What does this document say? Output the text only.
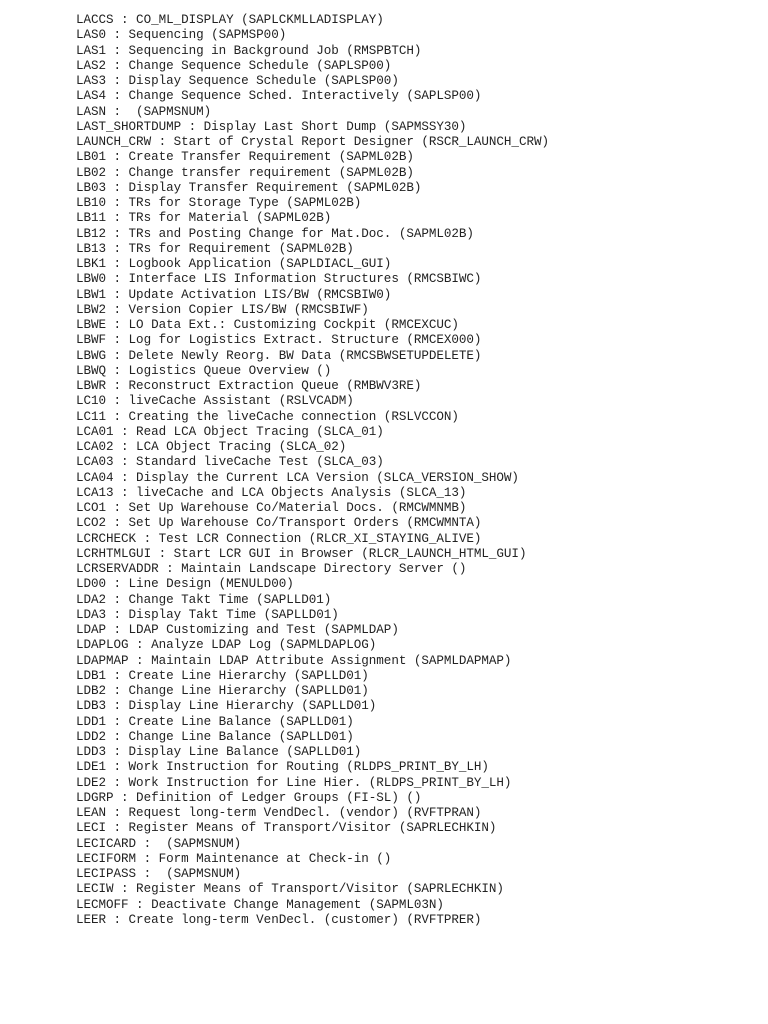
LACCS : CO_ML_DISPLAY (SAPLCKMLLADISPLAY)
LAS0 : Sequencing (SAPMSP00)
LAS1 : Sequencing in Background Job (RMSPBTCH)
LAS2 : Change Sequence Schedule (SAPLSP00)
LAS3 : Display Sequence Schedule (SAPLSP00)
LAS4 : Change Sequence Sched. Interactively (SAPLSP00)
LASN :  (SAPMSNUM)
LAST_SHORTDUMP : Display Last Short Dump (SAPMSSY30)
LAUNCH_CRW : Start of Crystal Report Designer (RSCR_LAUNCH_CRW)
LB01 : Create Transfer Requirement (SAPML02B)
LB02 : Change transfer requirement (SAPML02B)
LB03 : Display Transfer Requirement (SAPML02B)
LB10 : TRs for Storage Type (SAPML02B)
LB11 : TRs for Material (SAPML02B)
LB12 : TRs and Posting Change for Mat.Doc. (SAPML02B)
LB13 : TRs for Requirement (SAPML02B)
LBK1 : Logbook Application (SAPLDIACL_GUI)
LBW0 : Interface LIS Information Structures (RMCSBIWC)
LBW1 : Update Activation LIS/BW (RMCSBIW0)
LBW2 : Version Copier LIS/BW (RMCSBIWF)
LBWE : LO Data Ext.: Customizing Cockpit (RMCEXCUC)
LBWF : Log for Logistics Extract. Structure (RMCEX000)
LBWG : Delete Newly Reorg. BW Data (RMCSBWSETUPDELETE)
LBWQ : Logistics Queue Overview ()
LBWR : Reconstruct Extraction Queue (RMBWV3RE)
LC10 : liveCache Assistant (RSLVCADM)
LC11 : Creating the liveCache connection (RSLVCCON)
LCA01 : Read LCA Object Tracing (SLCA_01)
LCA02 : LCA Object Tracing (SLCA_02)
LCA03 : Standard liveCache Test (SLCA_03)
LCA04 : Display the Current LCA Version (SLCA_VERSION_SHOW)
LCA13 : liveCache and LCA Objects Analysis (SLCA_13)
LCO1 : Set Up Warehouse Co/Material Docs. (RMCWMNMB)
LCO2 : Set Up Warehouse Co/Transport Orders (RMCWMNTA)
LCRCHECK : Test LCR Connection (RLCR_XI_STAYING_ALIVE)
LCRHTMLGUI : Start LCR GUI in Browser (RLCR_LAUNCH_HTML_GUI)
LCRSERVADDR : Maintain Landscape Directory Server ()
LD00 : Line Design (MENULD00)
LDA2 : Change Takt Time (SAPLLD01)
LDA3 : Display Takt Time (SAPLLD01)
LDAP : LDAP Customizing and Test (SAPMLDAP)
LDAPLOG : Analyze LDAP Log (SAPMLDAPLOG)
LDAPMAP : Maintain LDAP Attribute Assignment (SAPMLDAPMAP)
LDB1 : Create Line Hierarchy (SAPLLD01)
LDB2 : Change Line Hierarchy (SAPLLD01)
LDB3 : Display Line Hierarchy (SAPLLD01)
LDD1 : Create Line Balance (SAPLLD01)
LDD2 : Change Line Balance (SAPLLD01)
LDD3 : Display Line Balance (SAPLLD01)
LDE1 : Work Instruction for Routing (RLDPS_PRINT_BY_LH)
LDE2 : Work Instruction for Line Hier. (RLDPS_PRINT_BY_LH)
LDGRP : Definition of Ledger Groups (FI-SL) ()
LEAN : Request long-term VendDecl. (vendor) (RVFTPRAN)
LECI : Register Means of Transport/Visitor (SAPRLECHKIN)
LECICARD :  (SAPMSNUM)
LECIFORM : Form Maintenance at Check-in ()
LECIPASS :  (SAPMSNUM)
LECIW : Register Means of Transport/Visitor (SAPRLECHKIN)
LECMOFF : Deactivate Change Management (SAPML03N)
LEER : Create long-term VenDecl. (customer) (RVFTPRER)
